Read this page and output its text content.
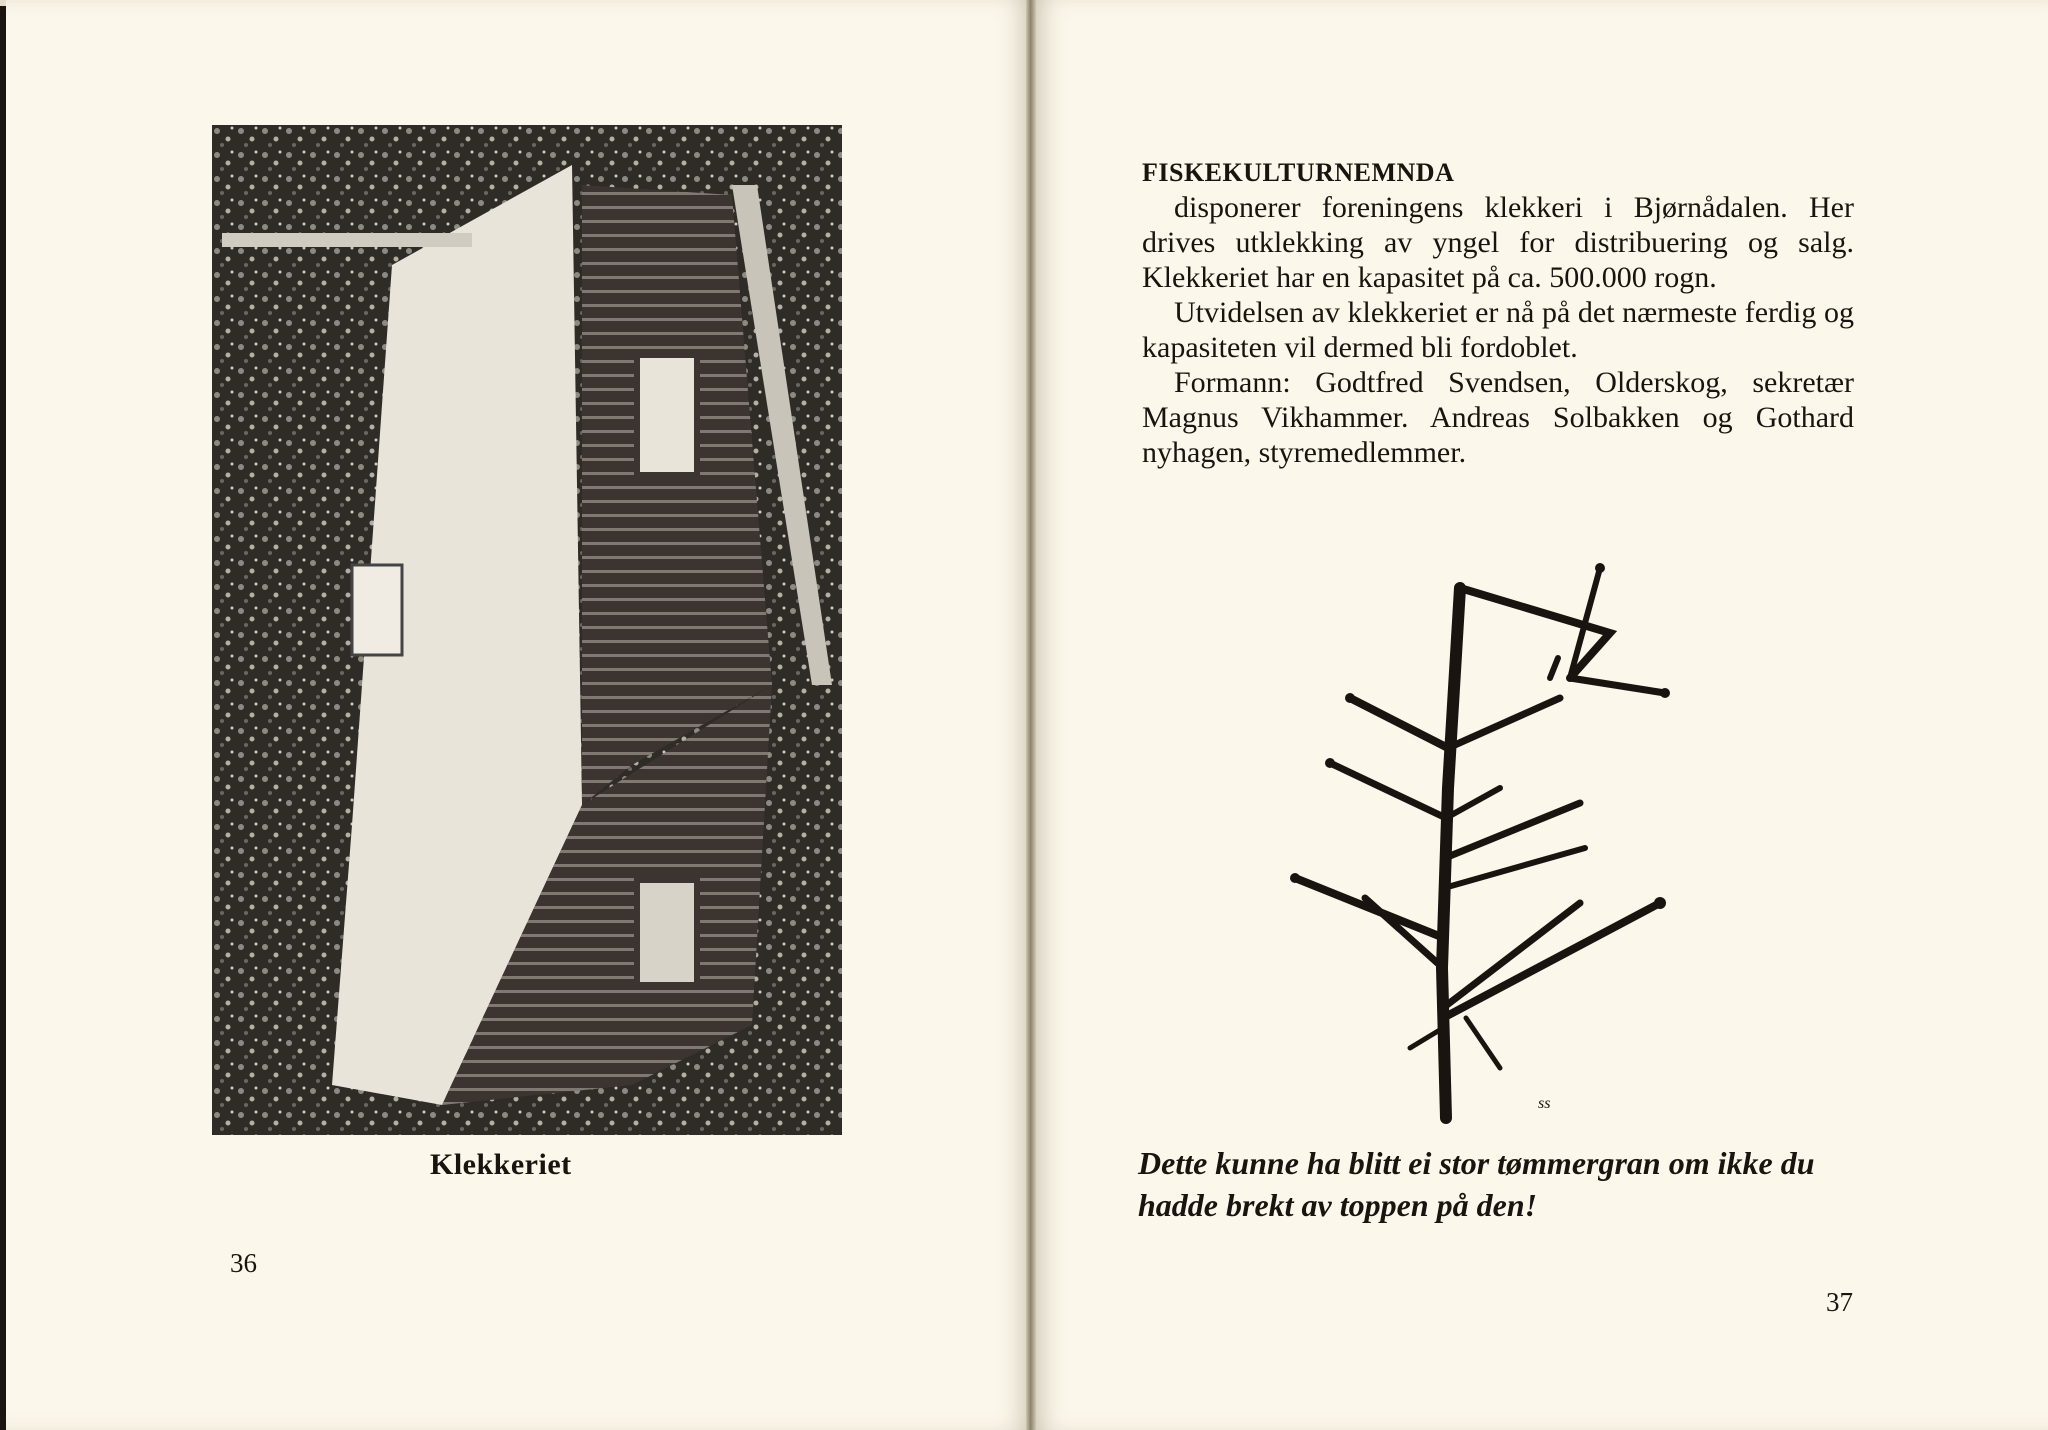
Klekkeriet
36

FISKEKULTURNEMNDA

disponerer foreningens klekkeri i Bjørnådalen. Her drives utklekking av yngel for distribuering og salg. Klekkeriet har en kapasitet på ca. 500.000 rogn.

Utvidelsen av klekkeriet er nå på det nærmeste ferdig og kapasiteten vil dermed bli fordoblet.

Formann: Godtfred Svendsen, Olderskog, sekretær Magnus Vikhammer. Andreas Solbakken og Gothard nyhagen, styremedlemmer.

ss
Dette kunne ha blitt ei stor tømmergran om ikke du hadde brekt av toppen på den!
37
